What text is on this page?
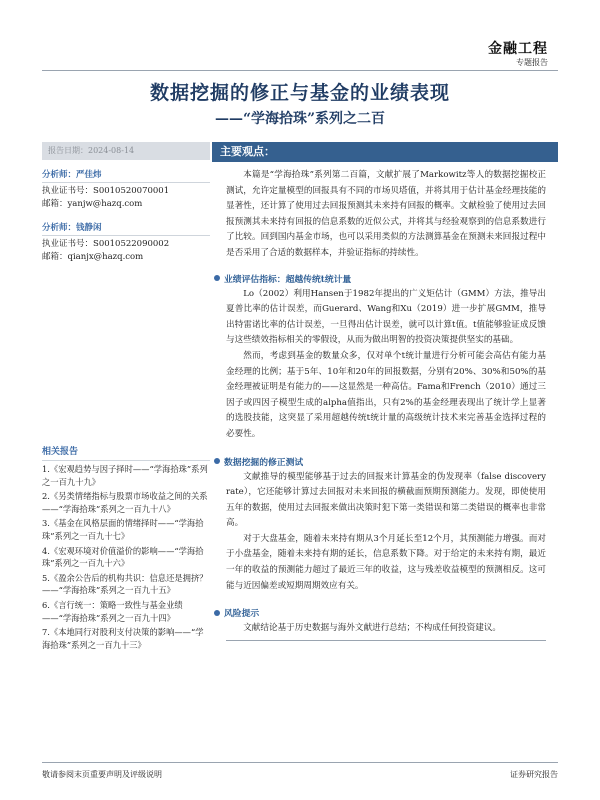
金融工程
专题报告
数据挖掘的修正与基金的业绩表现
——“学海拾珠”系列之二百
报告日期：2024-08-14
分析师：严佳炜
执业证书号：S0010520070001
邮箱：yanjw@hazq.com
分析师：钱静闲
执业证书号：S0010522090002
邮箱：qianjx@hazq.com
相关报告
1.《宏观趋势与因子择时——“学海拾珠”系列之一百九十九》
2.《另类情绪指标与股票市场收益之间的关系——“学海拾珠”系列之一百九十八》
3.《基金在风格层面的情绪择时——“学海拾珠”系列之一百九十七》
4.《宏观环境对价值溢价的影响——“学海拾珠”系列之一百九十六》
5.《盈余公告后的机构共识：信息还是拥挤？——“学海拾珠”系列之一百九十五》
6.《言行统一：策略一致性与基金业绩——“学海拾珠”系列之一百九十四》
7.《本地同行对股利支付决策的影响——“学海拾珠”系列之一百九十三》
主要观点：

本篇是“学海拾珠”系列第二百篇，文献扩展了Markowitz等人的数据挖掘校正测试，允许定量模型的回报具有不同的市场贝塔值，并将其用于估计基金经理技能的显著性，还计算了使用过去回报预测其未来持有回报的概率。文献检验了使用过去回报预测其未来持有回报的信息系数的近似公式，并将其与经验观察到的信息系数进行了比较。回到国内基金市场，也可以采用类似的方法测算基金在预测未来回报过程中是否采用了合适的数据样本，并验证指标的持续性。

业绩评估指标：超越传统t统计量

Lo（2002）利用Hansen于1982年提出的广义矩估计（GMM）方法，推导出夏普比率的估计误差，而Guerard、Wang和Xu（2019）进一步扩展GMM，推导出特雷诺比率的估计误差，一旦得出估计误差，就可以计算t值。t值能够验证成反馈与这些绩效指标相关的零假设，从而为做出明智的投资决策提供坚实的基础。

然而，考虑到基金的数量众多，仅对单个t统计量进行分析可能会高估有能力基金经理的比例；基于5年、10年和20年的回报数据，分别有20%、30%和50%的基金经理被证明是有能力的——这显然是一种高估。Fama和French（2010）通过三因子或四因子模型生成的alpha值指出，只有2%的基金经理表现出了统计学上显著的选股技能，这突显了采用超越传统t统计量的高级统计技术来完善基金选择过程的必要性。

数据挖掘的修正测试

文献推导的模型能够基于过去的回报来计算基金的伪发现率（false discovery rate），它还能够计算过去回报对未来回报的横截面预期预测能力。发现，即使使用五年的数据，使用过去回报来做出决策时犯下第一类错误和第二类错误的概率也非常高。

对于大盘基金，随着未来持有期从3个月延长至12个月，其预测能力增强。而对于小盘基金，随着未来持有期的延长，信息系数下降。对于给定的未来持有期，最近一年的收益的预测能力超过了最近三年的收益，这与残差收益模型的预测相反。这可能与近因偏差或短期周期效应有关。

风险提示

文献结论基于历史数据与海外文献进行总结；不构成任何投资建议。

敬请参阅末页重要声明及评级说明	证券研究报告
